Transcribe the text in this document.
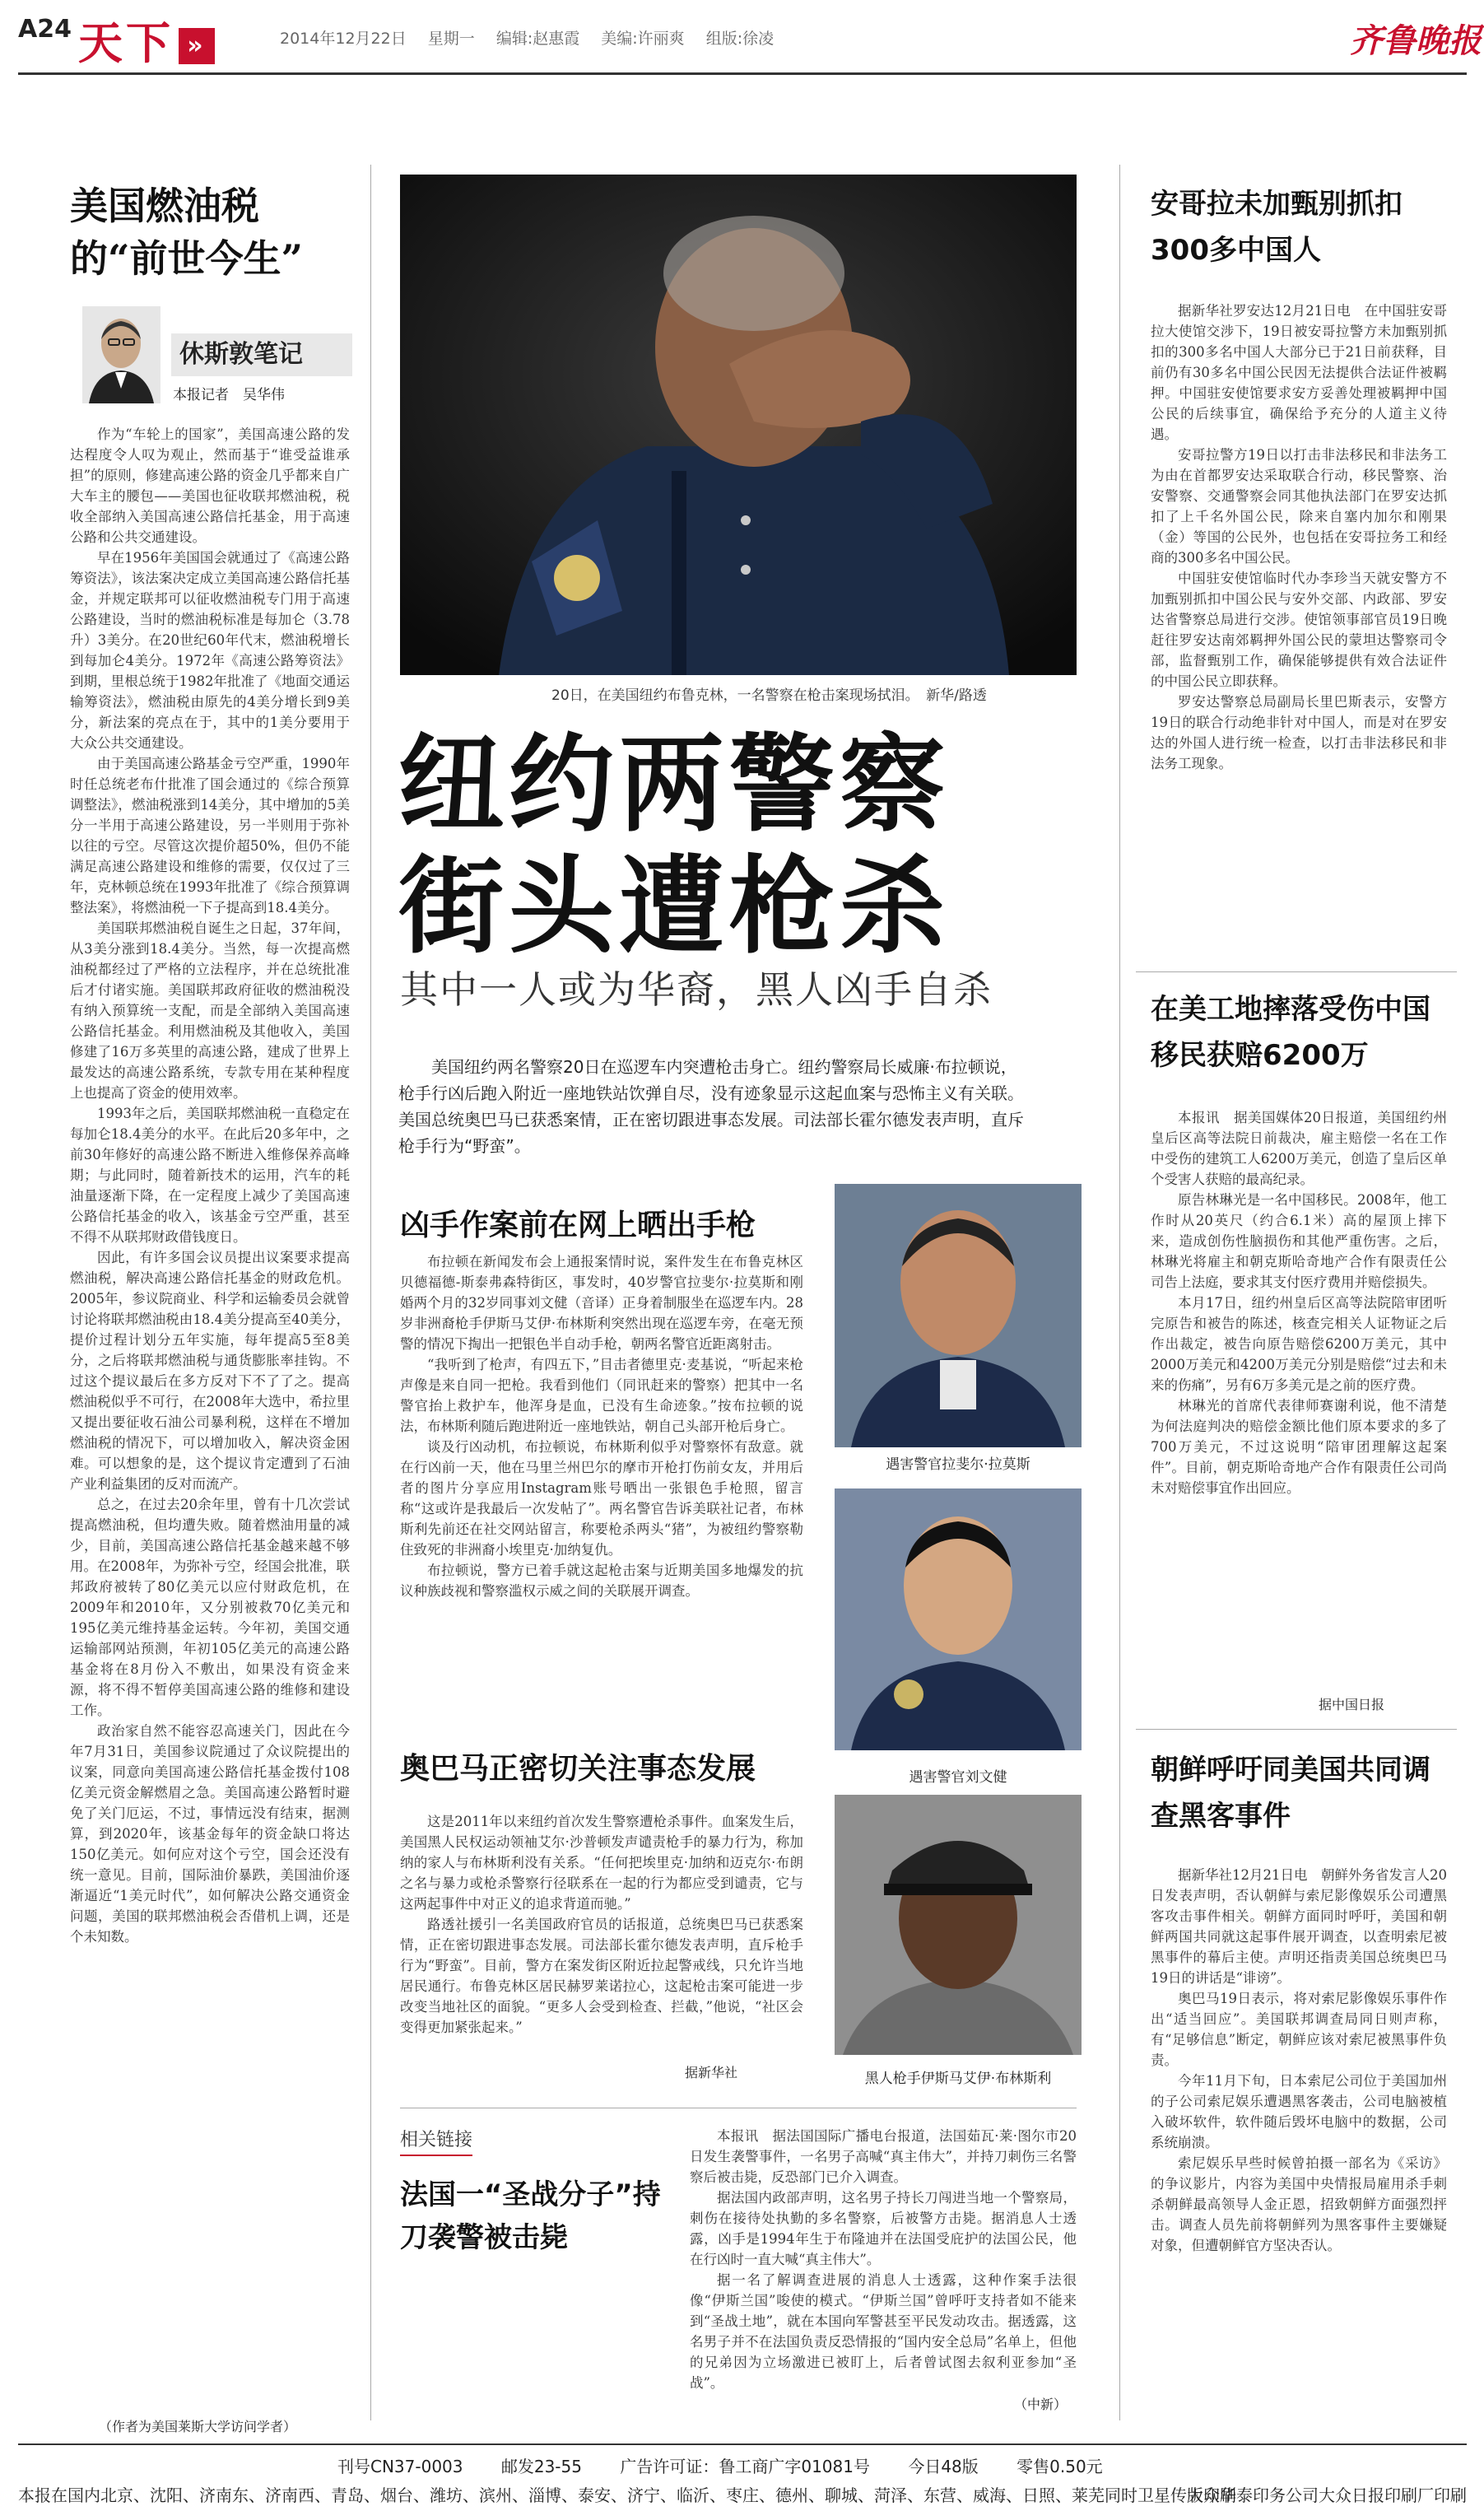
A24 天下 »	2014年12月22日 星期一 编辑:赵惠霞 美编:许丽爽 组版:徐凌	齐鲁晚报
美国燃油税的“前世今生”
休斯敦笔记
本报记者　吴华伟

作为“车轮上的国家”，美国高速公路的发达程度令人叹为观止，然而基于“谁受益谁承担”的原则，修建高速公路的资金几乎都来自广大车主的腰包——美国也征收联邦燃油税，税收全部纳入美国高速公路信托基金，用于高速公路和公共交通建设。

早在1956年美国国会就通过了《高速公路筹资法》，该法案决定成立美国高速公路信托基金，并规定联邦可以征收燃油税专门用于高速公路建设，当时的燃油税标准是每加仑（3.78升）3美分。在20世纪60年代末，燃油税增长到每加仑4美分。1972年《高速公路筹资法》到期，里根总统于1982年批准了《地面交通运输筹资法》，燃油税由原先的4美分增长到9美分，新法案的亮点在于，其中的1美分要用于大众公共交通建设。

由于美国高速公路基金亏空严重，1990年时任总统老布什批准了国会通过的《综合预算调整法》，燃油税涨到14美分，其中增加的5美分一半用于高速公路建设，另一半则用于弥补以往的亏空。尽管这次提价超50%，但仍不能满足高速公路建设和维修的需要，仅仅过了三年，克林顿总统在1993年批准了《综合预算调整法案》，将燃油税一下子提高到18.4美分。

美国联邦燃油税自诞生之日起，37年间，从3美分涨到18.4美分。当然，每一次提高燃油税都经过了严格的立法程序，并在总统批准后才付诸实施。美国联邦政府征收的燃油税没有纳入预算统一支配，而是全部纳入美国高速公路信托基金。利用燃油税及其他收入，美国修建了16万多英里的高速公路，建成了世界上最发达的高速公路系统，专款专用在某种程度上也提高了资金的使用效率。

1993年之后，美国联邦燃油税一直稳定在每加仑18.4美分的水平。在此后20多年中，之前30年修好的高速公路不断进入维修保养高峰期；与此同时，随着新技术的运用，汽车的耗油量逐渐下降，在一定程度上减少了美国高速公路信托基金的收入，该基金亏空严重，甚至不得不从联邦财政借钱度日。

因此，有许多国会议员提出议案要求提高燃油税，解决高速公路信托基金的财政危机。2005年，参议院商业、科学和运输委员会就曾讨论将联邦燃油税由18.4美分提高至40美分，提价过程计划分五年实施，每年提高5至8美分，之后将联邦燃油税与通货膨胀率挂钩。不过这个提议最后在多方反对下不了了之。提高燃油税似乎不可行，在2008年大选中，希拉里又提出要征收石油公司暴利税，这样在不增加燃油税的情况下，可以增加收入，解决资金困难。可以想象的是，这个提议肯定遭到了石油产业利益集团的反对而流产。

总之，在过去20余年里，曾有十几次尝试提高燃油税，但均遭失败。随着燃油用量的减少，目前，美国高速公路信托基金越来越不够用。在2008年，为弥补亏空，经国会批准，联邦政府被转了80亿美元以应付财政危机，在2009年和2010年，又分别被救70亿美元和195亿美元维持基金运转。今年初，美国交通运输部网站预测，年初105亿美元的高速公路基金将在8月份入不敷出，如果没有资金来源，将不得不暂停美国高速公路的维修和建设工作。

政治家自然不能容忍高速关门，因此在今年7月31日，美国参议院通过了众议院提出的议案，同意向美国高速公路信托基金拨付108亿美元资金解燃眉之急。美国高速公路暂时避免了关门厄运，不过，事情远没有结束，据测算，到2020年，该基金每年的资金缺口将达150亿美元。如何应对这个亏空，国会还没有统一意见。目前，国际油价暴跌，美国油价逐渐逼近“1美元时代”，如何解决公路交通资金问题，美国的联邦燃油税会否借机上调，还是个未知数。

（作者为美国莱斯大学访问学者）
20日，在美国纽约布鲁克林，一名警察在枪击案现场拭泪。　新华/路透
纽约两警察
街头遭枪杀
其中一人或为华裔，黑人凶手自杀

美国纽约两名警察20日在巡逻车内突遭枪击身亡。纽约警察局长威廉·布拉顿说，枪手行凶后跑入附近一座地铁站饮弹自尽，没有迹象显示这起血案与恐怖主义有关联。美国总统奥巴马已获悉案情，正在密切跟进事态发展。司法部长霍尔德发表声明，直斥枪手行为“野蛮”。

凶手作案前在网上晒出手枪

布拉顿在新闻发布会上通报案情时说，案件发生在布鲁克林区贝德福德-斯泰弗森特街区，事发时，40岁警官拉斐尔·拉莫斯和刚婚两个月的32岁同事刘文健（音译）正身着制服坐在巡逻车内。28岁非洲裔枪手伊斯马艾伊·布林斯利突然出现在巡逻车旁，在毫无预警的情况下掏出一把银色半自动手枪，朝两名警官近距离射击。

“我听到了枪声，有四五下，”目击者德里克·麦基说，“听起来枪声像是来自同一把枪。我看到他们（同讯赶来的警察）把其中一名警官抬上救护车，他浑身是血，已没有生命迹象。”按布拉顿的说法，布林斯利随后跑进附近一座地铁站，朝自己头部开枪后身亡。

谈及行凶动机，布拉顿说，布林斯利似乎对警察怀有敌意。就在行凶前一天，他在马里兰州巴尔的摩市开枪打伤前女友，并用后者的图片分享应用Instagram账号晒出一张银色手枪照，留言称“这或许是我最后一次发帖了”。两名警官告诉美联社记者，布林斯利先前还在社交网站留言，称要枪杀两头“猪”，为被纽约警察勒住致死的非洲裔小埃里克·加纳复仇。

布拉顿说，警方已着手就这起枪击案与近期美国多地爆发的抗议种族歧视和警察滥权示威之间的关联展开调查。

奥巴马正密切关注事态发展

这是2011年以来纽约首次发生警察遭枪杀事件。血案发生后，美国黑人民权运动领袖艾尔·沙普顿发声谴责枪手的暴力行为，称加纳的家人与布林斯利没有关系。“任何把埃里克·加纳和迈克尔·布朗之名与暴力或枪杀警察行径联系在一起的行为都应受到谴责，它与这两起事件中对正义的追求背道而驰。”

路透社援引一名美国政府官员的话报道，总统奥巴马已获悉案情，正在密切跟进事态发展。司法部长霍尔德发表声明，直斥枪手行为“野蛮”。目前，警方在案发街区附近拉起警戒线，只允许当地居民通行。布鲁克林区居民赫罗莱诺拉心，这起枪击案可能进一步改变当地社区的面貌。“更多人会受到检查、拦截，”他说，“社区会变得更加紧张起来。”

据新华社
遇害警官拉斐尔·拉莫斯
遇害警官刘文健
黑人枪手伊斯马艾伊·布林斯利
相关链接
法国一“圣战分子”持刀袭警被击毙

本报讯　据法国国际广播电台报道，法国茹瓦·莱·图尔市20日发生袭警事件，一名男子高喊“真主伟大”，并持刀刺伤三名警察后被击毙，反恐部门已介入调查。

据法国内政部声明，这名男子持长刀闯进当地一个警察局，刺伤在接待处执勤的多名警察，后被警方击毙。据消息人士透露，凶手是1994年生于布隆迪并在法国受庇护的法国公民，他在行凶时一直大喊“真主伟大”。

据一名了解调查进展的消息人士透露，这种作案手法很像“伊斯兰国”唆使的模式。“伊斯兰国”曾呼吁支持者如不能来到“圣战土地”，就在本国向军警甚至平民发动攻击。据透露，这名男子并不在法国负责反恐情报的“国内安全总局”名单上，但他的兄弟因为立场激进已被盯上，后者曾试图去叙利亚参加“圣战”。

（中新）
安哥拉未加甄别抓扣300多中国人

据新华社罗安达12月21日电　在中国驻安哥拉大使馆交涉下，19日被安哥拉警方未加甄别抓扣的300多名中国人大部分已于21日前获释，目前仍有30多名中国公民因无法提供合法证件被羁押。中国驻安使馆要求安方妥善处理被羁押中国公民的后续事宜，确保给予充分的人道主义待遇。

安哥拉警方19日以打击非法移民和非法务工为由在首都罗安达采取联合行动，移民警察、治安警察、交通警察会同其他执法部门在罗安达抓扣了上千名外国公民，除来自塞内加尔和刚果（金）等国的公民外，也包括在安哥拉务工和经商的300多名中国公民。

中国驻安使馆临时代办李珍当天就安警方不加甄别抓扣中国公民与安外交部、内政部、罗安达省警察总局进行交涉。使馆领事部官员19日晚赶往罗安达南郊羁押外国公民的蒙坦达警察司令部，监督甄别工作，确保能够提供有效合法证件的中国公民立即获释。

罗安达警察总局副局长里巴斯表示，安警方19日的联合行动绝非针对中国人，而是对在罗安达的外国人进行统一检查，以打击非法移民和非法务工现象。

在美工地摔落受伤中国移民获赔6200万

本报讯　据美国媒体20日报道，美国纽约州皇后区高等法院日前裁决，雇主赔偿一名在工作中受伤的建筑工人6200万美元，创造了皇后区单个受害人获赔的最高纪录。

原告林琳光是一名中国移民。2008年，他工作时从20英尺（约合6.1米）高的屋顶上摔下来，造成创伤性脑损伤和其他严重伤害。之后，林琳光将雇主和朝克斯哈奇地产合作有限责任公司告上法庭，要求其支付医疗费用并赔偿损失。

本月17日，纽约州皇后区高等法院陪审团听完原告和被告的陈述，核查完相关人证物证之后作出裁定，被告向原告赔偿6200万美元，其中2000万美元和4200万美元分别是赔偿“过去和未来的伤痛”，另有6万多美元是之前的医疗费。

林琳光的首席代表律师赛谢利说，他不清楚为何法庭判决的赔偿金额比他们原本要求的多了700万美元，不过这说明“陪审团理解这起案件”。目前，朝克斯哈奇地产合作有限责任公司尚未对赔偿事宜作出回应。

据中国日报
朝鲜呼吁同美国共同调查黑客事件

据新华社12月21日电　朝鲜外务省发言人20日发表声明，否认朝鲜与索尼影像娱乐公司遭黑客攻击事件相关。朝鲜方面同时呼吁，美国和朝鲜两国共同就这起事件展开调查，以查明索尼被黑事件的幕后主使。声明还指责美国总统奥巴马19日的讲话是“诽谤”。

奥巴马19日表示，将对索尼影像娱乐事件作出“适当回应”。美国联邦调查局同日则声称，有“足够信息”断定，朝鲜应该对索尼被黑事件负责。

今年11月下旬，日本索尼公司位于美国加州的子公司索尼娱乐遭遇黑客袭击，公司电脑被植入破坏软件，软件随后毁坏电脑中的数据，公司系统崩溃。

索尼娱乐早些时候曾拍摄一部名为《采访》的争议影片，内容为美国中央情报局雇用杀手刺杀朝鲜最高领导人金正恩，招致朝鲜方面强烈抨击。调查人员先前将朝鲜列为黑客事件主要嫌疑对象，但遭朝鲜官方坚决否认。

刊号CN37-0003 邮发23-55 广告许可证：鲁工商广字01081号 今日48版 零售0.50元
本报在国内北京、沈阳、济南东、济南西、青岛、烟台、潍坊、滨州、淄博、泰安、济宁、临沂、枣庄、德州、聊城、菏泽、东营、威海、日照、莱芜同时卫星传版印刷
大众华泰印务公司大众日报印刷厂印刷
